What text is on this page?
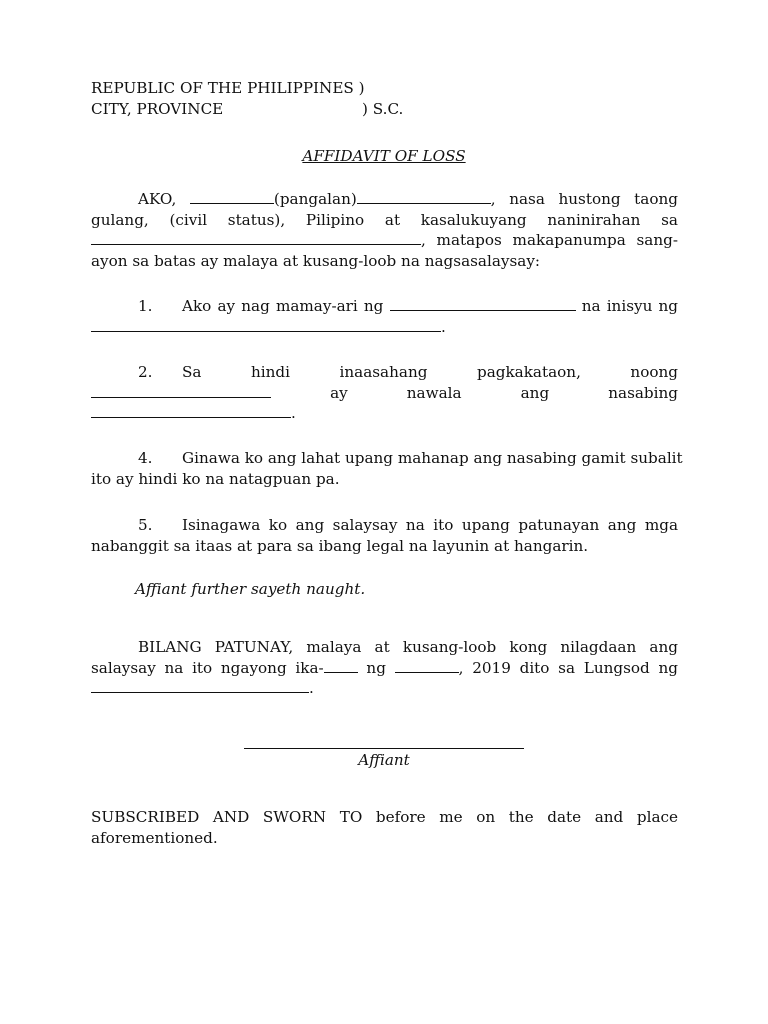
REPUBLIC OF THE PHILIPPINES )
CITY, PROVINCE	) S.C.
AFFIDAVIT OF LOSS
AKO,	(pangalan)	, nasa hustong taong
gulang, (civil status), Pilipino at kasalukuyang naninirahan sa
, matapos makapanumpa sang-
ayon sa batas ay malaya at kusang-loob na nagsasalaysay:
1. Ako ay nag mamay-ari ng	na inisyu ng
.
2. Sa hindi inaasahang pagkakataon, noong
ay nawala ang nasabing
.
4. Ginawa ko ang lahat upang mahanap ang nasabing gamit subalit
ito ay hindi ko na natagpuan pa.
5. Isinagawa ko ang salaysay na ito upang patunayan ang mga
nabanggit sa itaas at para sa ibang legal na layunin at hangarin.
Affiant further sayeth naught.
BILANG PATUNAY, malaya at kusang-loob kong nilagdaan ang
salaysay na ito ngayong ika-	ng	, 2019 dito sa Lungsod ng
.
Affiant
SUBSCRIBED AND SWORN TO before me on the date and place
aforementioned.
